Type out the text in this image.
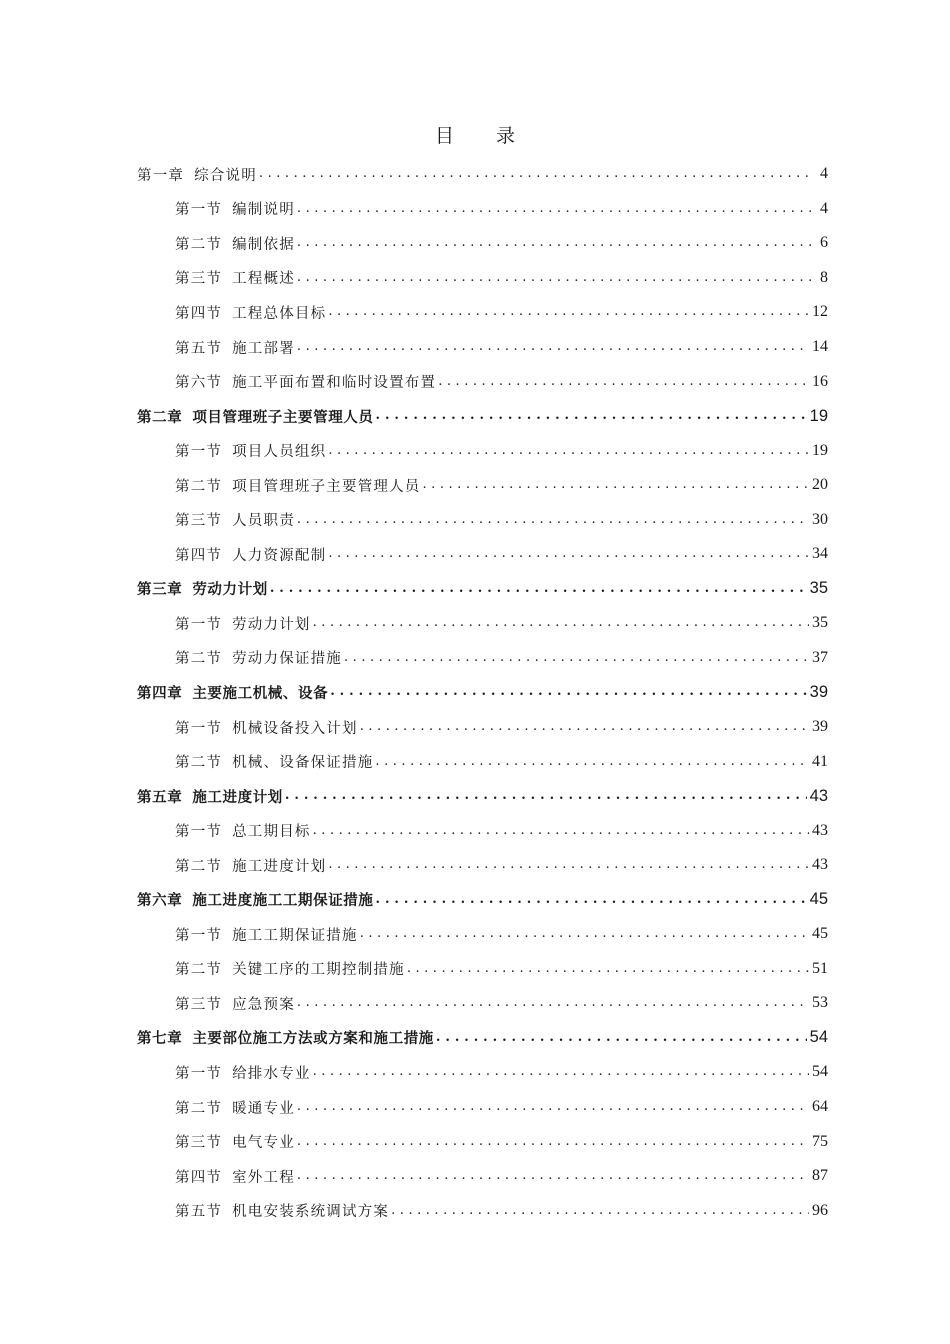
目 录
第一章 综合说明 . . .	4
第一节 编制说明 . . .	4
第二节 编制依据 . . .	6
第三节 工程概述 . . .	8
第四节 工程总体目标 . . .	12
第五节 施工部署 . . .	14
第六节 施工平面布置和临时设置布置 . . .	16
第二章 项目管理班子主要管理人员 . . .	19
第一节 项目人员组织 . . .	19
第二节 项目管理班子主要管理人员 . . .	20
第三节 人员职责 . . .	30
第四节 人力资源配制 . . .	34
第三章 劳动力计划 . . .	35
第一节 劳动力计划 . . .	35
第二节 劳动力保证措施 . . .	37
第四章 主要施工机械、设备 . . .	39
第一节 机械设备投入计划 . . .	39
第二节 机械、设备保证措施 . . .	41
第五章 施工进度计划 . . .	43
第一节 总工期目标 . . .	43
第二节 施工进度计划 . . .	43
第六章 施工进度施工工期保证措施 . . .	45
第一节 施工工期保证措施 . . .	45
第二节 关键工序的工期控制措施 . . .	51
第三节 应急预案 . . .	53
第七章 主要部位施工方法或方案和施工措施 . . .	54
第一节 给排水专业 . . .	54
第二节 暖通专业 . . .	64
第三节 电气专业 . . .	75
第四节 室外工程 . . .	87
第五节 机电安装系统调试方案 . . .	96
